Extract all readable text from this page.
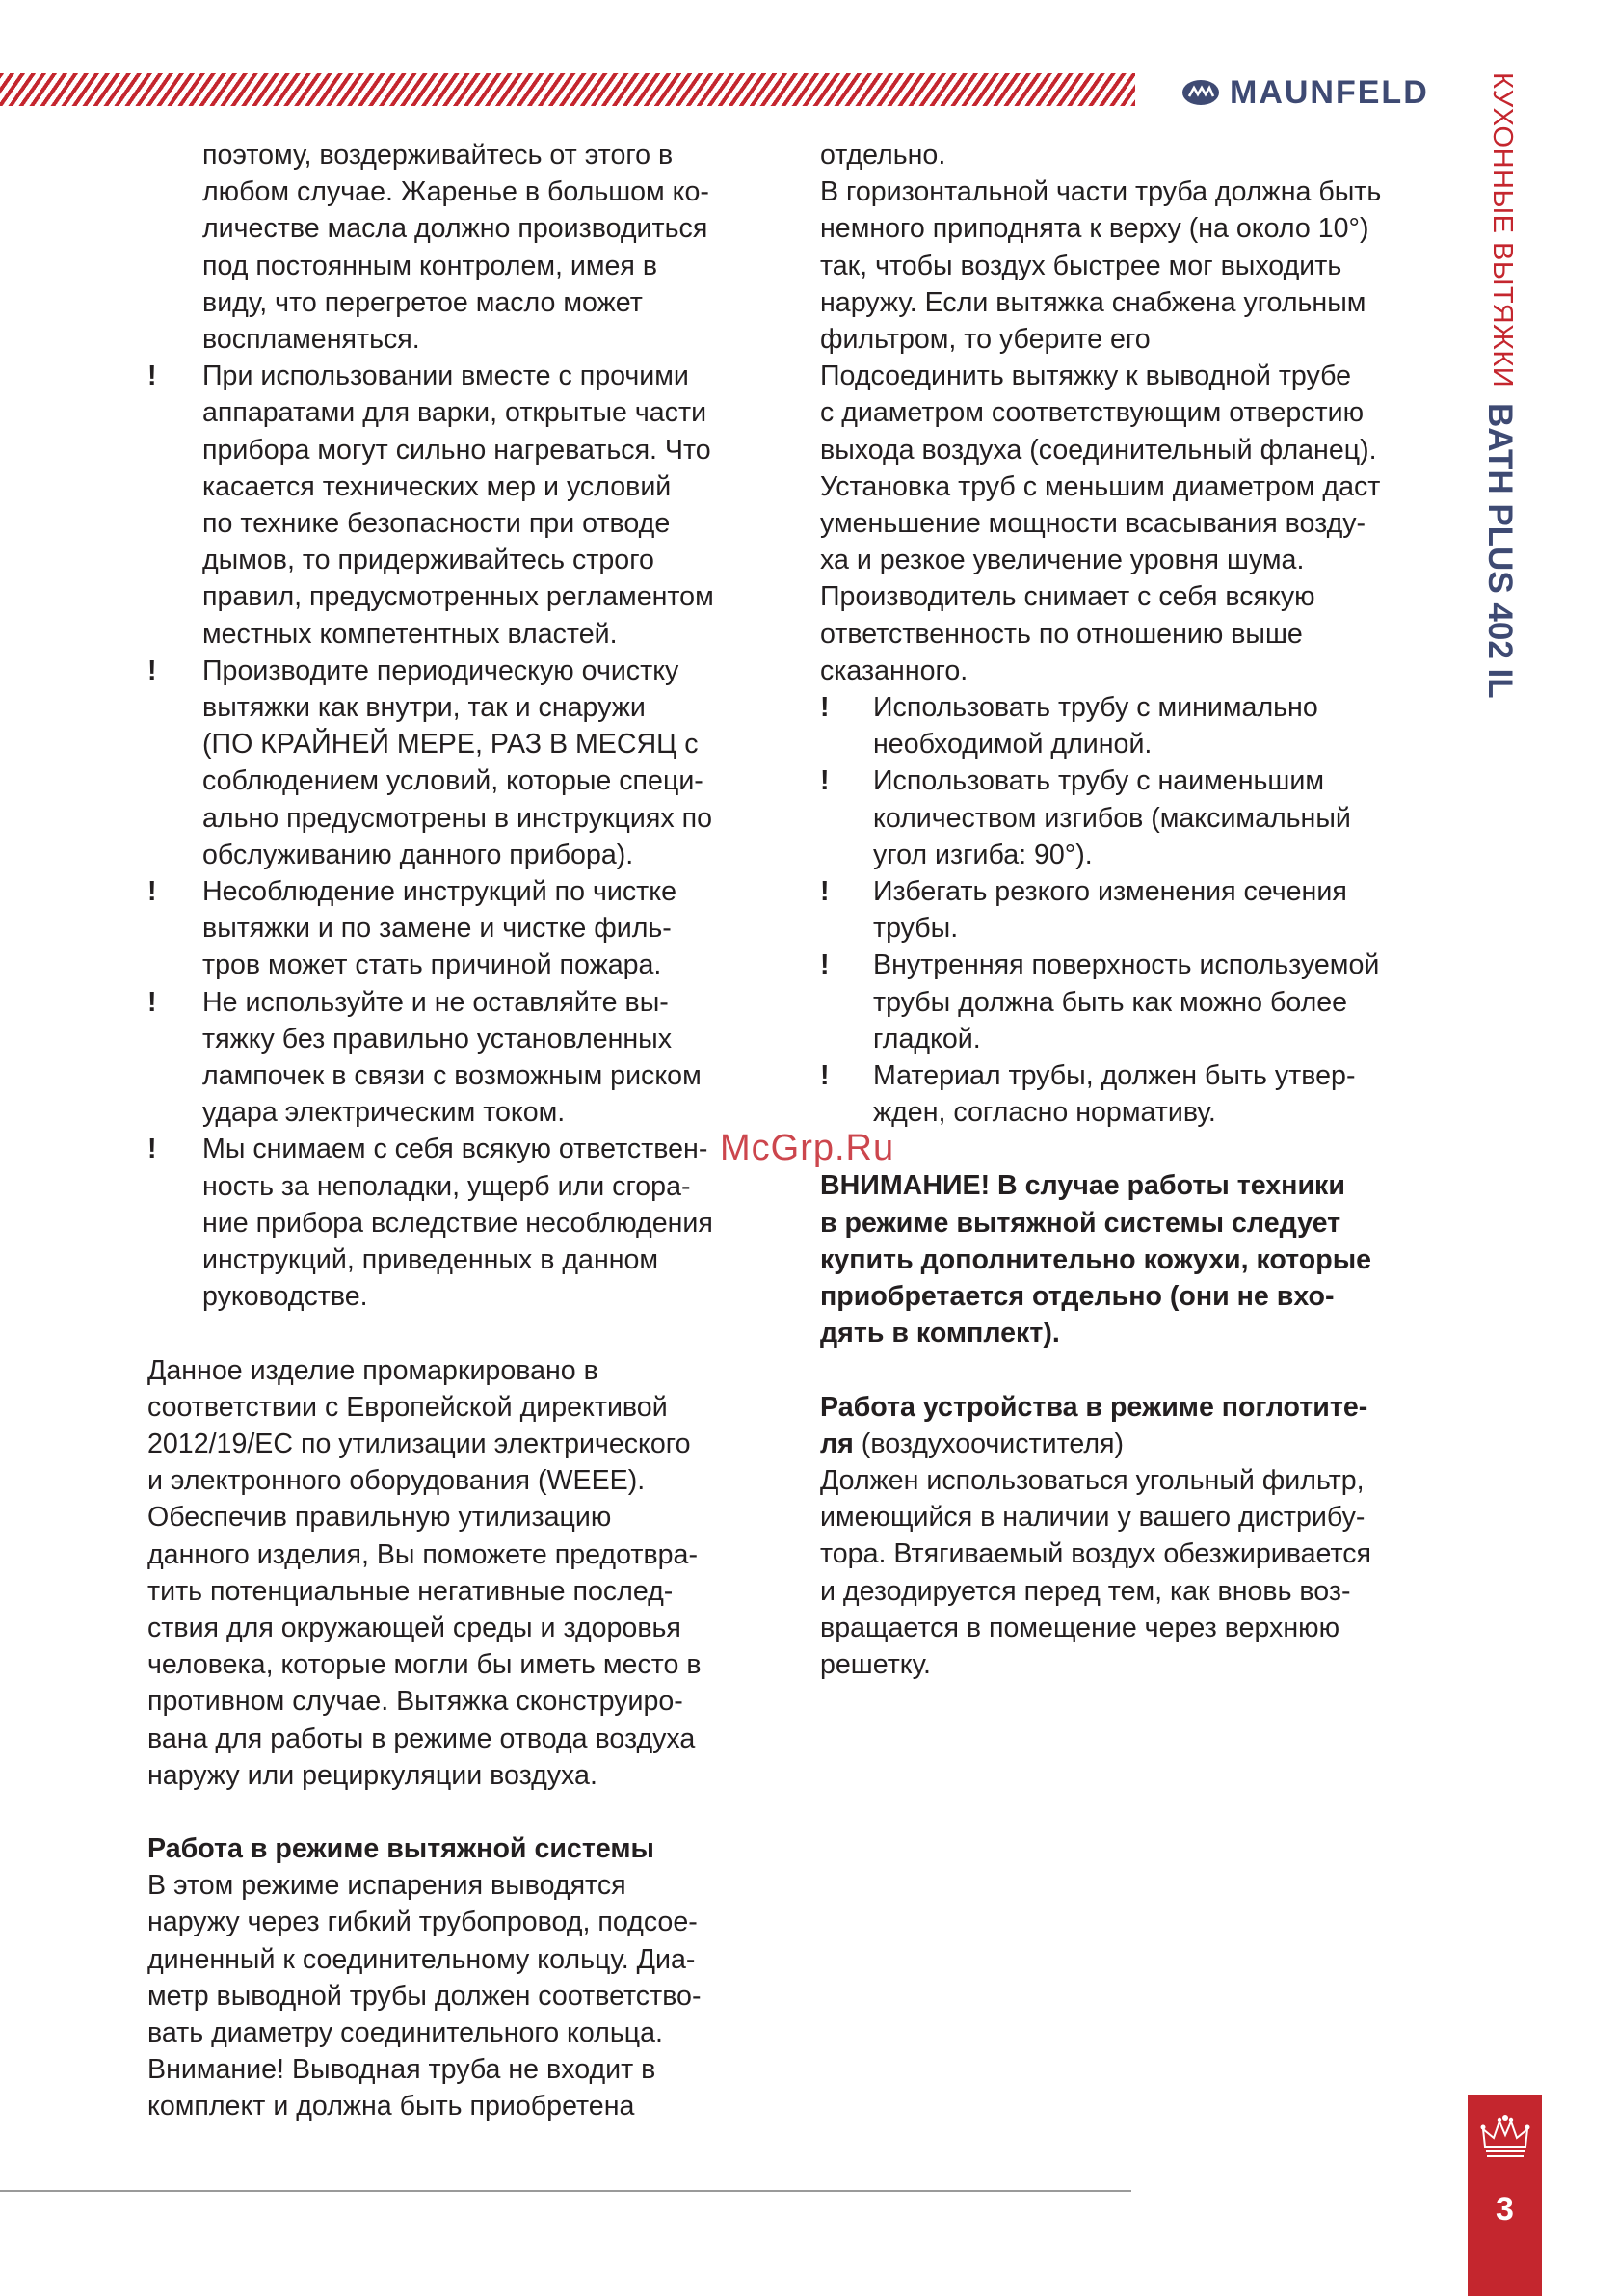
MAUNFELD	КУХОННЫЕ ВЫТЯЖКИ
BATH PLUS 402 IL
McGrp.Ru

поэтому, воздерживайтесь от этого в
любом случае. Жаренье в большом ко-
личестве масла должно производиться
под постоянным контролем, имея в
виду, что перегретое масло может
воспламеняться.

! При использовании вместе с прочими
аппаратами для варки, открытые части
прибора могут сильно нагреваться. Что
касается технических мер и условий
по технике безопасности при отводе
дымов, то придерживайтесь строго
правил, предусмотренных регламентом
местных компетентных властей.
! Производите периодическую очистку
вытяжки как внутри, так и снаружи
(ПО КРАЙНЕЙ МЕРЕ, РАЗ В МЕСЯЦ с
соблюдением условий, которые специ-
ально предусмотрены в инструкциях по
обслуживанию данного прибора).
! Несоблюдение инструкций по чистке
вытяжки и по замене и чистке филь-
тров может стать причиной пожара.
! Не используйте и не оставляйте вы-
тяжку без правильно установленных
лампочек в связи с возможным риском
удара электрическим током.
! Мы снимаем с себя всякую ответствен-
ность за неполадки, ущерб или сгора-
ние прибора вследствие несоблюдения
инструкций, приведенных в данном
руководстве.

Данное изделие промаркировано в
соответствии с Европейской директивой
2012/19/ЕС по утилизации электрического
и электронного оборудования (WEEE).
Обеспечив правильную утилизацию
данного изделия, Вы поможете предотвра-
тить потенциальные негативные послед-
ствия для окружающей среды и здоровья
человека, которые могли бы иметь место в
противном случае. Вытяжка сконструиро-
вана для работы в режиме отвода воздуха
наружу или рециркуляции воздуха.

Работа в режиме вытяжной системы

В этом режиме испарения выводятся
наружу через гибкий трубопровод, подсое-
диненный к соединительному кольцу. Диа-
метр выводной трубы должен соответство-
вать диаметру соединительного кольца.
Внимание! Выводная труба не входит в
комплект и должна быть приобретена

отдельно.
В горизонтальной части труба должна быть
немного приподнята к верху (на около 10°)
так, чтобы воздух быстрее мог выходить
наружу. Если вытяжка снабжена угольным
фильтром, то уберите его
Подсоединить вытяжку к выводной трубе
с диаметром соответствующим отверстию
выхода воздуха (соединительный фланец).
Установка труб с меньшим диаметром даст
уменьшение мощности всасывания возду-
ха и резкое увеличение уровня шума.
Производитель снимает с себя всякую
ответственность по отношению выше
сказанного.

! Использовать трубу с минимально
необходимой длиной.
! Использовать трубу с наименьшим
количеством изгибов (максимальный
угол изгиба: 90°).
! Избегать резкого изменения сечения
трубы.
! Внутренняя поверхность используемой
трубы должна быть как можно более
гладкой.
! Материал трубы, должен быть утвер-
жден, согласно нормативу.

ВНИМАНИЕ! В случае работы техники
в режиме вытяжной системы следует
купить дополнительно кожухи, которые
приобретается отдельно (они не вхо-
дять в комплект).

Работа устройства в режиме поглотите-

ля (воздухоочистителя)

Должен использоваться угольный фильтр,
имеющийся в наличии у вашего дистрибу-
тора. Втягиваемый воздух обезжиривается
и дезодируется перед тем, как вновь воз-
вращается в помещение через верхнюю
решетку.

3
